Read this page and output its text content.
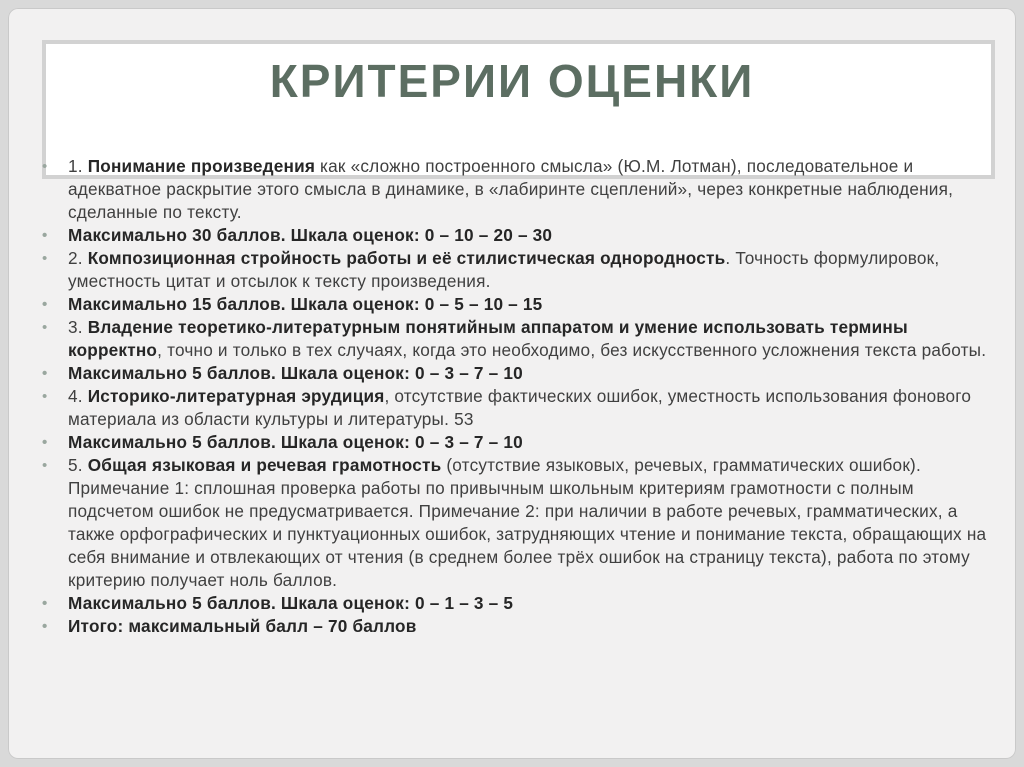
КРИТЕРИИ ОЦЕНКИ
• 1. Понимание произведения как «сложно построенного смысла» (Ю.М. Лотман), последовательное и адекватное раскрытие этого смысла в динамике, в «лабиринте сцеплений», через конкретные наблюдения, сделанные по тексту.
• Максимально 30 баллов. Шкала оценок: 0 – 10 – 20 – 30
• 2. Композиционная стройность работы и её стилистическая однородность. Точность формулировок, уместность цитат и отсылок к тексту произведения.
• Максимально 15 баллов. Шкала оценок: 0 – 5 – 10 – 15
• 3. Владение теоретико-литературным понятийным аппаратом и умение использовать термины корректно, точно и только в тех случаях, когда это необходимо, без искусственного усложнения текста работы.
• Максимально 5 баллов. Шкала оценок: 0 – 3 – 7 – 10
• 4. Историко-литературная эрудиция, отсутствие фактических ошибок, уместность использования фонового материала из области культуры и литературы. 53
• Максимально 5 баллов. Шкала оценок: 0 – 3 – 7 – 10
• 5. Общая языковая и речевая грамотность (отсутствие языковых, речевых, грамматических ошибок). Примечание 1: сплошная проверка работы по привычным школьным критериям грамотности с полным подсчетом ошибок не предусматривается. Примечание 2: при наличии в работе речевых, грамматических, а также орфографических и пунктуационных ошибок, затрудняющих чтение и понимание текста, обращающих на себя внимание и отвлекающих от чтения (в среднем более трёх ошибок на страницу текста), работа по этому критерию получает ноль баллов.
• Максимально 5 баллов. Шкала оценок: 0 – 1 – 3 – 5
• Итого: максимальный балл – 70 баллов
